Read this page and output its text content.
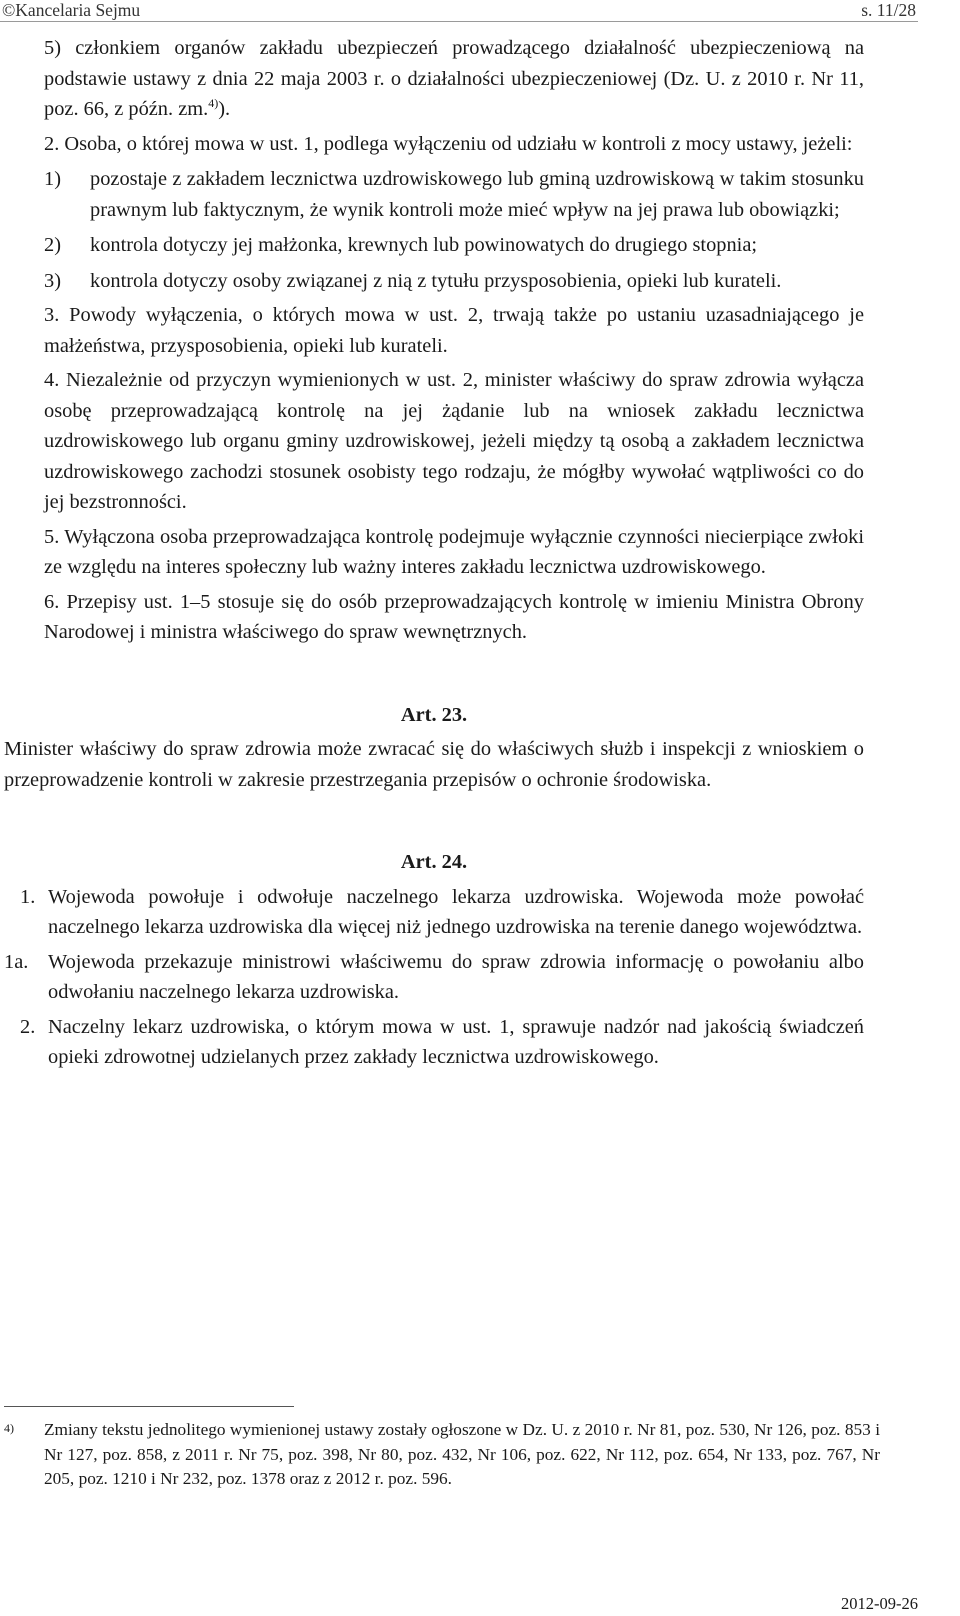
©Kancelaria Sejmu	s. 11/28

5) członkiem organów zakładu ubezpieczeń prowadzącego działalność ubezpieczeniową na podstawie ustawy z dnia 22 maja 2003 r. o działalności ubezpieczeniowej (Dz. U. z 2010 r. Nr 11, poz. 66, z późn. zm.$^{4)}$).

2. Osoba, o której mowa w ust. 1, podlega wyłączeniu od udziału w kontroli z mocy ustawy, jeżeli:

1) pozostaje z zakładem lecznictwa uzdrowiskowego lub gminą uzdrowiskową w takim stosunku prawnym lub faktycznym, że wynik kontroli może mieć wpływ na jej prawa lub obowiązki;
2) kontrola dotyczy jej małżonka, krewnych lub powinowatych do drugiego stopnia;
3) kontrola dotyczy osoby związanej z nią z tytułu przysposobienia, opieki lub kurateli.

3. Powody wyłączenia, o których mowa w ust. 2, trwają także po ustaniu uzasadniającego je małżeństwa, przysposobienia, opieki lub kurateli.

4. Niezależnie od przyczyn wymienionych w ust. 2, minister właściwy do spraw zdrowia wyłącza osobę przeprowadzającą kontrolę na jej żądanie lub na wniosek zakładu lecznictwa uzdrowiskowego lub organu gminy uzdrowiskowej, jeżeli między tą osobą a zakładem lecznictwa uzdrowiskowego zachodzi stosunek osobisty tego rodzaju, że mógłby wywołać wątpliwości co do jej bezstronności.

5. Wyłączona osoba przeprowadzająca kontrolę podejmuje wyłącznie czynności niecierpiące zwłoki ze względu na interes społeczny lub ważny interes zakładu lecznictwa uzdrowiskowego.

6. Przepisy ust. 1–5 stosuje się do osób przeprowadzających kontrolę w imieniu Ministra Obrony Narodowej i ministra właściwego do spraw wewnętrznych.

Art. 23.

Minister właściwy do spraw zdrowia może zwracać się do właściwych służb i inspekcji z wnioskiem o przeprowadzenie kontroli w zakresie przestrzegania przepisów o ochronie środowiska.

Art. 24.

1. Wojewoda powołuje i odwołuje naczelnego lekarza uzdrowiska. Wojewoda może powołać naczelnego lekarza uzdrowiska dla więcej niż jednego uzdrowiska na terenie danego województwa.
1a. Wojewoda przekazuje ministrowi właściwemu do spraw zdrowia informację o powołaniu albo odwołaniu naczelnego lekarza uzdrowiska.
2. Naczelny lekarz uzdrowiska, o którym mowa w ust. 1, sprawuje nadzór nad jakością świadczeń opieki zdrowotnej udzielanych przez zakłady lecznictwa uzdrowiskowego.
4) Zmiany tekstu jednolitego wymienionej ustawy zostały ogłoszone w Dz. U. z 2010 r. Nr 81, poz. 530, Nr 126, poz. 853 i Nr 127, poz. 858, z 2011 r. Nr 75, poz. 398, Nr 80, poz. 432, Nr 106, poz. 622, Nr 112, poz. 654, Nr 133, poz. 767, Nr 205, poz. 1210 i Nr 232, poz. 1378 oraz z 2012 r. poz. 596.

2012-09-26
